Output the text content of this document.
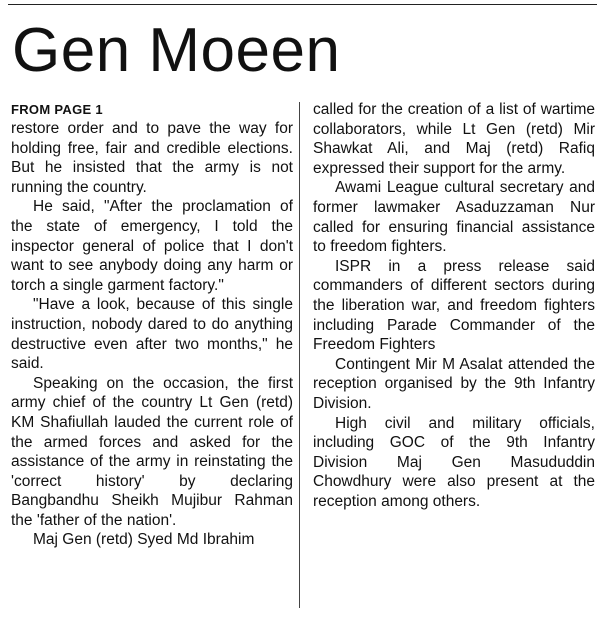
Gen Moeen
FROM PAGE 1

restore order and to pave the way for holding free, fair and credible elections. But he insisted that the army is not running the country.

He said, "After the proclamation of the state of emergency, I told the inspector general of police that I don't want to see anybody doing any harm or torch a single garment factory."

"Have a look, because of this single instruction, nobody dared to do anything destructive even after two months," he said.

Speaking on the occasion, the first army chief of the country Lt Gen (retd) KM Shafiullah lauded the current role of the armed forces and asked for the assistance of the army in reinstating the 'correct history' by declaring Bangbandhu Sheikh Mujibur Rahman the 'father of the nation'.

Maj Gen (retd) Syed Md Ibrahim

called for the creation of a list of wartime collaborators, while Lt Gen (retd) Mir Shawkat Ali, and Maj (retd) Rafiq expressed their support for the army.

Awami League cultural secretary and former lawmaker Asaduzzaman Nur called for ensuring financial assistance to freedom fighters.

ISPR in a press release said commanders of different sectors during the liberation war, and freedom fighters including Parade Commander of the Freedom Fighters

Contingent Mir M Asalat attended the reception organised by the 9th Infantry Division.

High civil and military officials, including GOC of the 9th Infantry Division Maj Gen Masududdin Chowdhury were also present at the reception among others.
